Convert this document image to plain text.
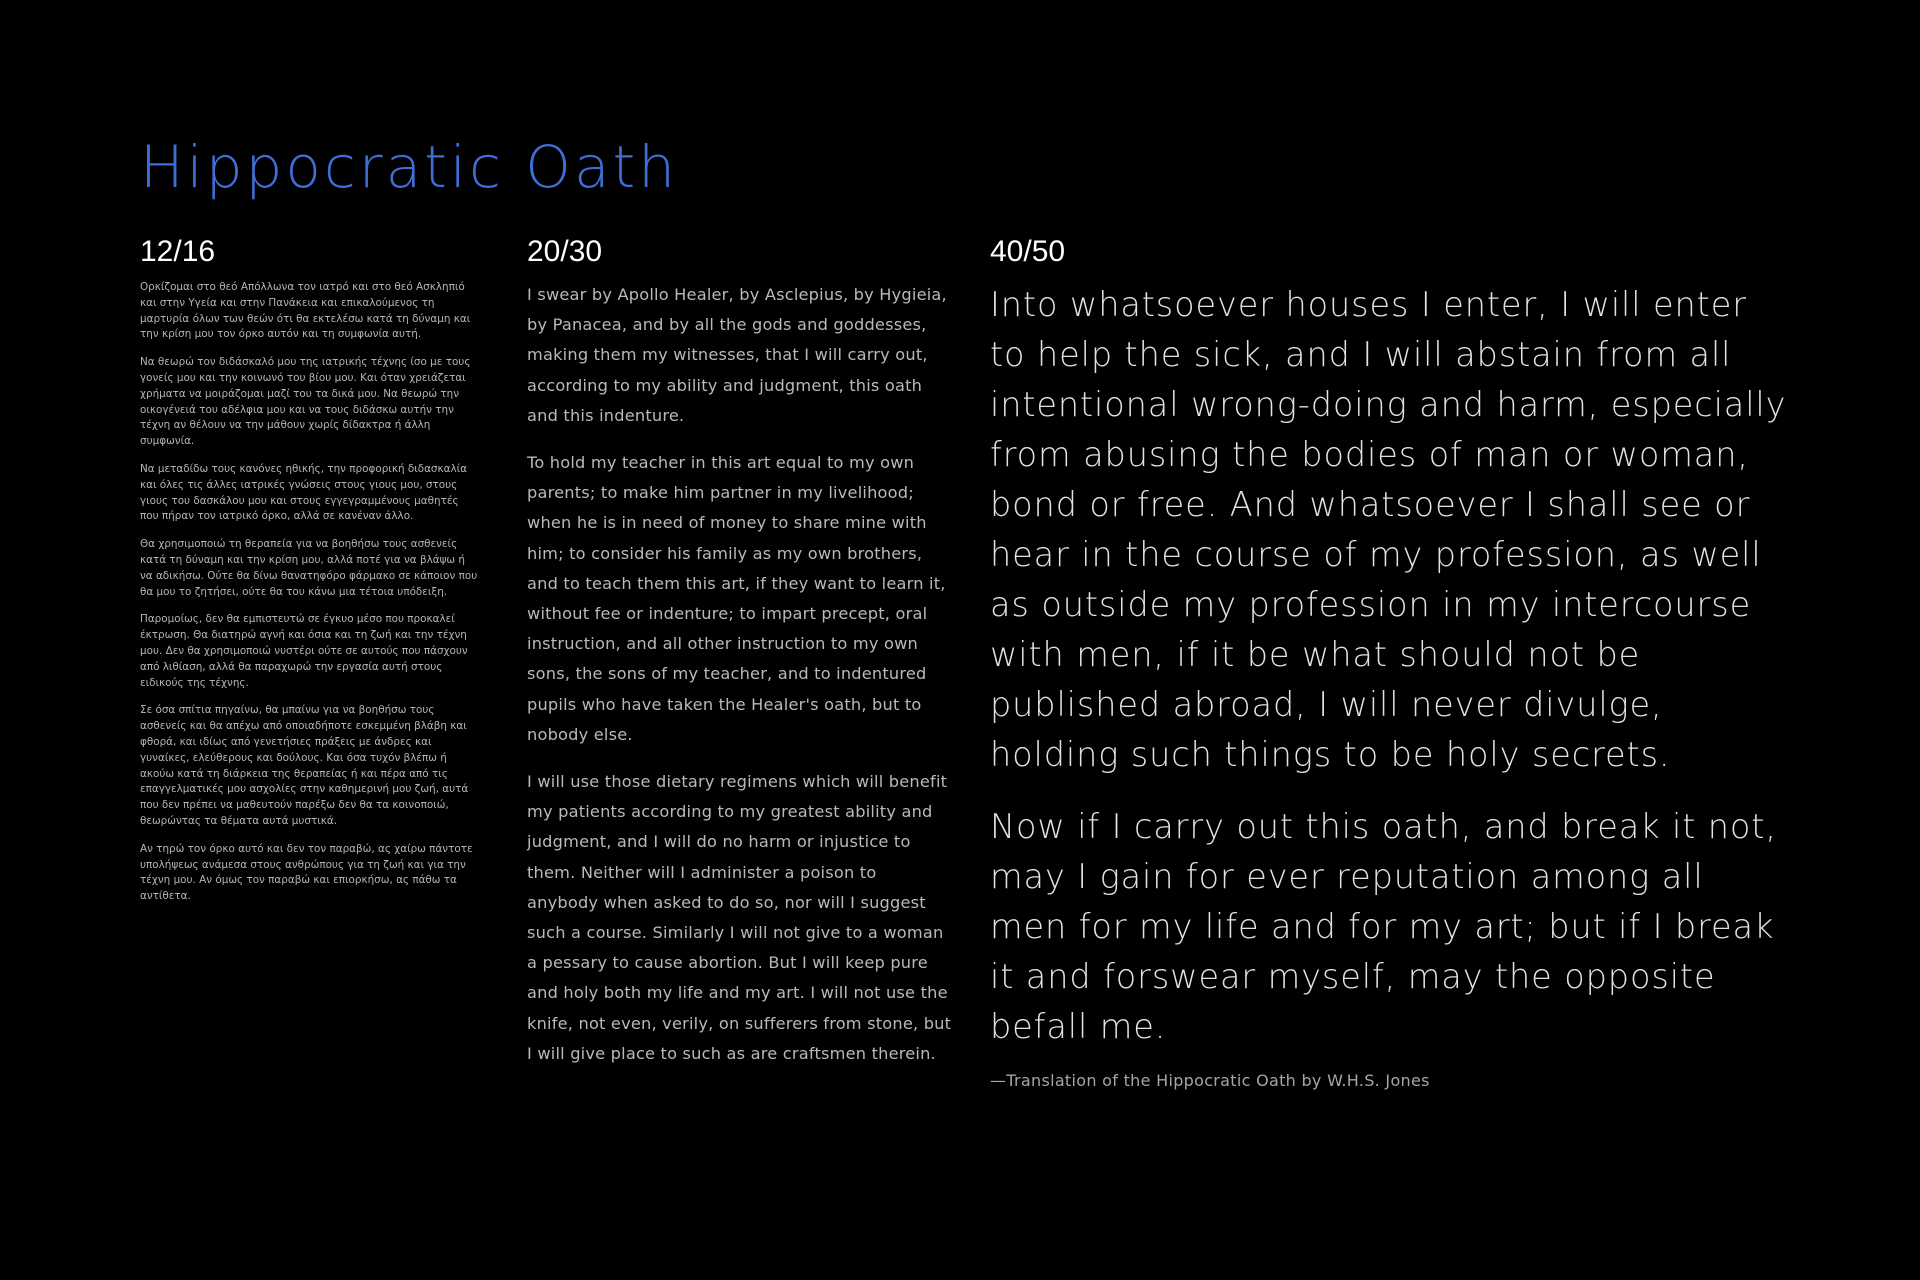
Hippocratic Oath
12/16

Ορκίζομαι στο θεό Απόλλωνα τον ιατρό και στο θεό Ασκληπιό και στην Υγεία και στην Πανάκεια και επικαλούμενος τη μαρτυρία όλων των θεών ότι θα εκτελέσω κατά τη δύναμη και την κρίση μου τον όρκο αυτόν και τη συμφωνία αυτή.

Να θεωρώ τον διδάσκαλό μου της ιατρικής τέχνης ίσο με τους γονείς μου και την κοινωνό του βίου μου. Και όταν χρειάζεται χρήματα να μοιράζομαι μαζί του τα δικά μου. Να θεωρώ την οικογένειά του αδέλφια μου και να τους διδάσκω αυτήν την τέχνη αν θέλουν να την μάθουν χωρίς δίδακτρα ή άλλη συμφωνία.

Να μεταδίδω τους κανόνες ηθικής, την προφορική διδασκαλία και όλες τις άλλες ιατρικές γνώσεις στους γιους μου, στους γιους του δασκάλου μου και στους εγγεγραμμένους μαθητές που πήραν τον ιατρικό όρκο, αλλά σε κανέναν άλλο.

Θα χρησιμοποιώ τη θεραπεία για να βοηθήσω τους ασθενείς κατά τη δύναμη και την κρίση μου, αλλά ποτέ για να βλάψω ή να αδικήσω. Ούτε θα δίνω θανατηφόρο φάρμακο σε κάποιον που θα μου το ζητήσει, ούτε θα του κάνω μια τέτοια υπόδειξη.

Παρομοίως, δεν θα εμπιστευτώ σε έγκυο μέσο που προκαλεί έκτρωση. Θα διατηρώ αγνή και όσια και τη ζωή και την τέχνη μου. Δεν θα χρησιμοποιώ νυστέρι ούτε σε αυτούς που πάσχουν από λιθίαση, αλλά θα παραχωρώ την εργασία αυτή στους ειδικούς της τέχνης.

Σε όσα σπίτια πηγαίνω, θα μπαίνω για να βοηθήσω τους ασθενείς και θα απέχω από οποιαδήποτε εσκεμμένη βλάβη και φθορά, και ιδίως από γενετήσιες πράξεις με άνδρες και γυναίκες, ελεύθερους και δούλους. Και όσα τυχόν βλέπω ή ακούω κατά τη διάρκεια της θεραπείας ή και πέρα από τις επαγγελματικές μου ασχολίες στην καθημερινή μου ζωή, αυτά που δεν πρέπει να μαθευτούν παρέξω δεν θα τα κοινοποιώ, θεωρώντας τα θέματα αυτά μυστικά.

Αν τηρώ τον όρκο αυτό και δεν τον παραβώ, ας χαίρω πάντοτε υπολήψεως ανάμεσα στους ανθρώπους για τη ζωή και για την τέχνη μου. Αν όμως τον παραβώ και επιορκήσω, ας πάθω τα αντίθετα.

20/30

I swear by Apollo Healer, by Asclepius, by Hygieia, by Panacea, and by all the gods and goddesses, making them my witnesses, that I will carry out, according to my ability and judgment, this oath and this indenture.

To hold my teacher in this art equal to my own parents; to make him partner in my livelihood; when he is in need of money to share mine with him; to consider his family as my own brothers, and to teach them this art, if they want to learn it, without fee or indenture; to impart precept, oral instruction, and all other instruction to my own sons, the sons of my teacher, and to indentured pupils who have taken the Healer's oath, but to nobody else.

I will use those dietary regimens which will benefit my patients according to my greatest ability and judgment, and I will do no harm or injustice to them. Neither will I administer a poison to anybody when asked to do so, nor will I suggest such a course. Similarly I will not give to a woman a pessary to cause abortion. But I will keep pure and holy both my life and my art. I will not use the knife, not even, verily, on sufferers from stone, but I will give place to such as are craftsmen therein.

40/50

Into whatsoever houses I enter, I will enter to help the sick, and I will abstain from all intentional wrong-doing and harm, especially from abusing the bodies of man or woman, bond or free. And whatsoever I shall see or hear in the course of my profession, as well as outside my profession in my intercourse with men, if it be what should not be published abroad, I will never divulge, holding such things to be holy secrets.

Now if I carry out this oath, and break it not, may I gain for ever reputation among all men for my life and for my art; but if I break it and forswear myself, may the opposite befall me.

—Translation of the Hippocratic Oath by W.H.S. Jones
